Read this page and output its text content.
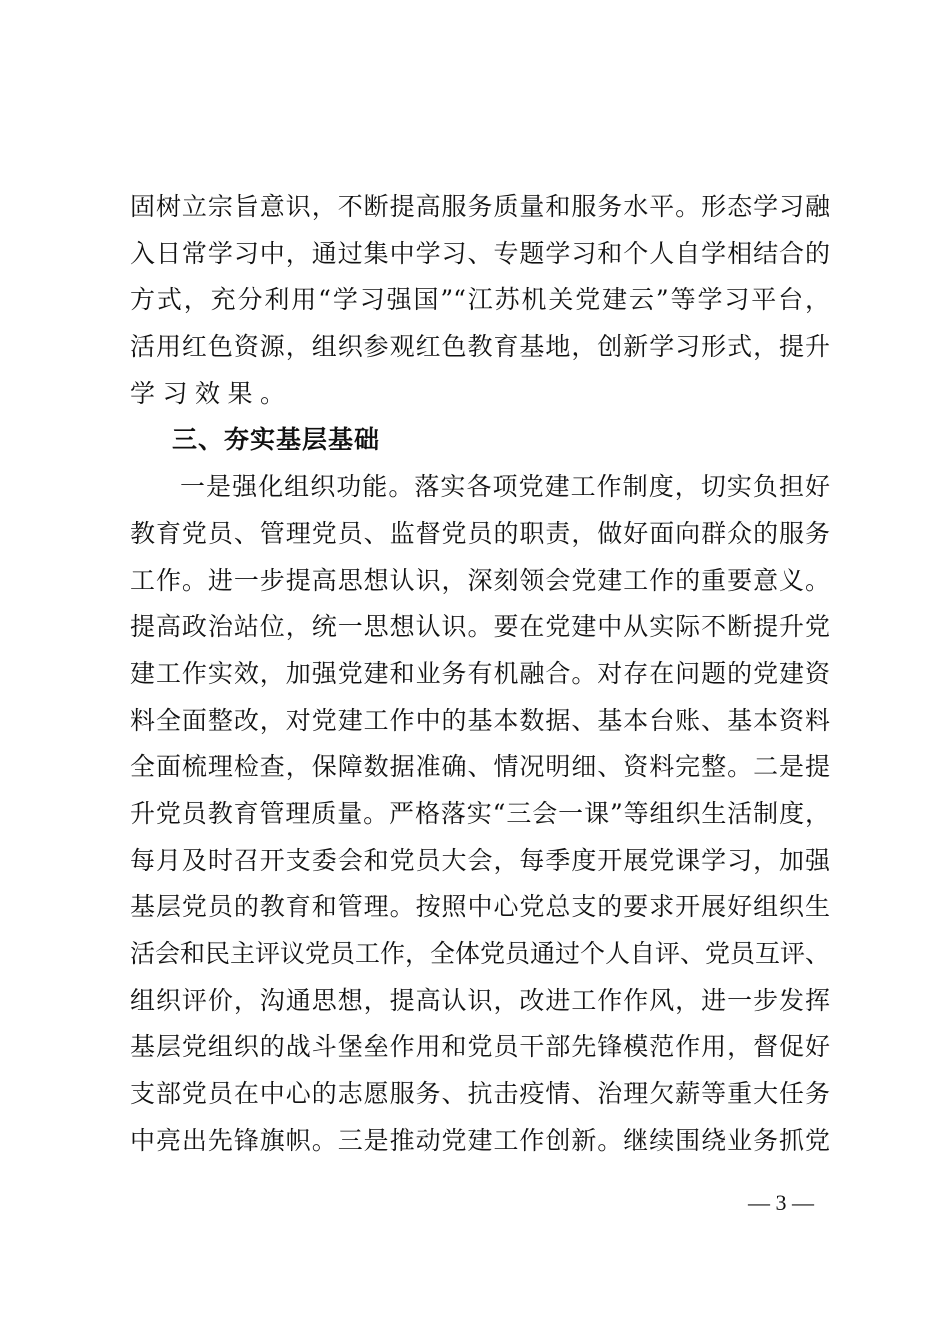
固树立宗旨意识，不断提高服务质量和服务水平。形态学习融
入日常学习中，通过集中学习、专题学习和个人自学相结合的
方式，充分利用“学习强国”“江苏机关党建云”等学习平台，
活用红色资源，组织参观红色教育基地，创新学习形式，提升
学习效果。
三、夯实基层基础
一是强化组织功能。落实各项党建工作制度，切实负担好
教育党员、管理党员、监督党员的职责，做好面向群众的服务
工作。进一步提高思想认识，深刻领会党建工作的重要意义。
提高政治站位，统一思想认识。要在党建中从实际不断提升党
建工作实效，加强党建和业务有机融合。对存在问题的党建资
料全面整改，对党建工作中的基本数据、基本台账、基本资料
全面梳理检查，保障数据准确、情况明细、资料完整。二是提
升党员教育管理质量。严格落实“三会一课”等组织生活制度，
每月及时召开支委会和党员大会，每季度开展党课学习，加强
基层党员的教育和管理。按照中心党总支的要求开展好组织生
活会和民主评议党员工作，全体党员通过个人自评、党员互评、
组织评价，沟通思想，提高认识，改进工作作风，进一步发挥
基层党组织的战斗堡垒作用和党员干部先锋模范作用，督促好
支部党员在中心的志愿服务、抗击疫情、治理欠薪等重大任务
中亮出先锋旗帜。三是推动党建工作创新。继续围绕业务抓党
— 3 —
